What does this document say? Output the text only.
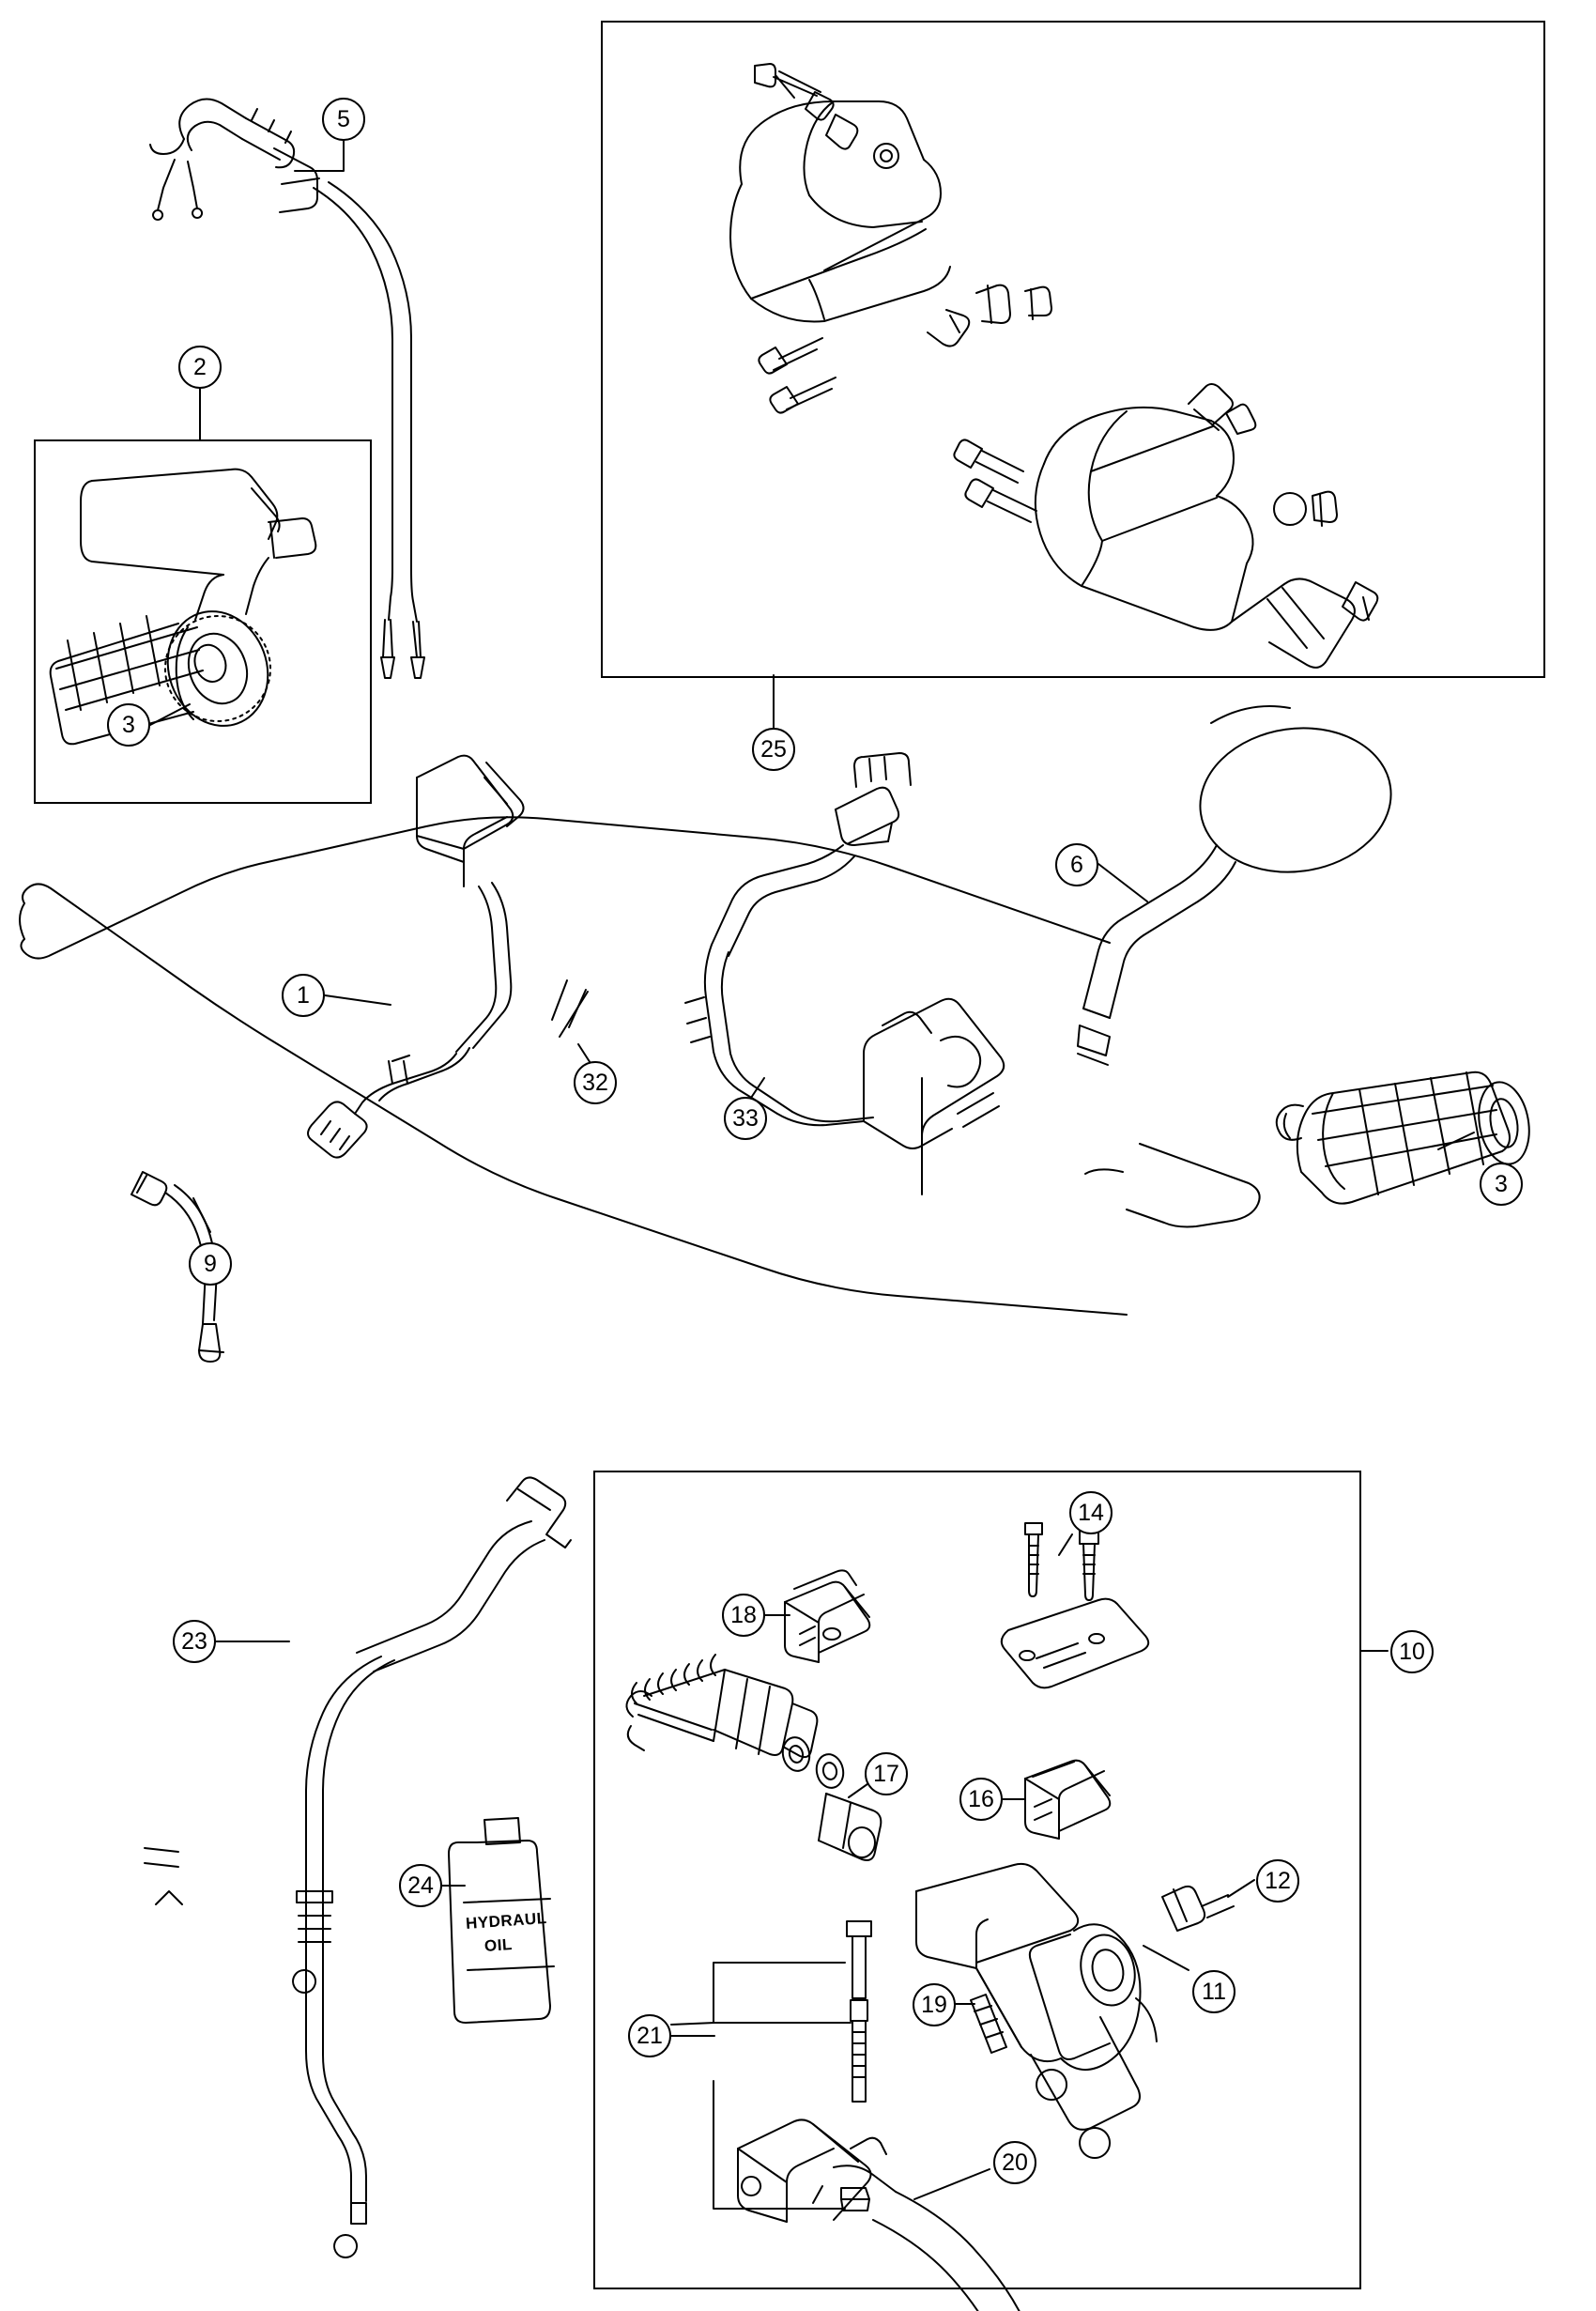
HYDRAUL
OIL
1
2
3
3
5
6
9
10
11
12
14
16
17
18
19
20
21
23
24
25
32
33
